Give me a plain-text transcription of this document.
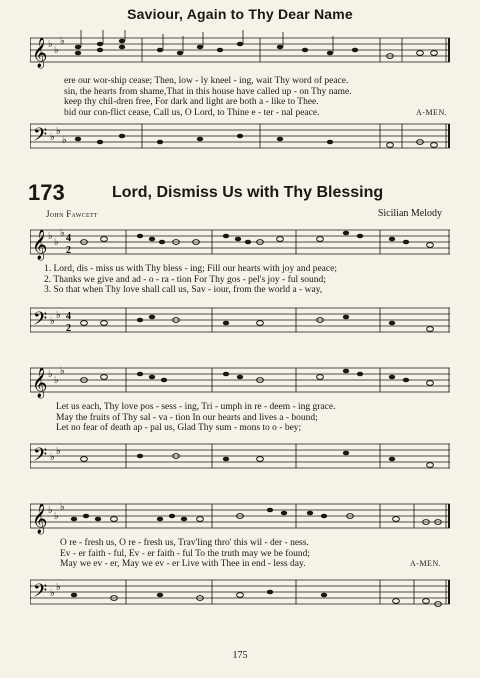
Saviour, Again to Thy Dear Name
𝄞 ♭
♭
♭
ere our wor-ship cease; Then, low - ly kneel - ing, wait Thy word of peace.
sin, the hearts from shame,That in this house have called up - on Thy name.
keep thy chil-dren free, For dark and light are both a - like to Thee.
bid our con-flict cease, Call us, O Lord, to Thine e - ter - nal peace.	A-MEN.
𝄢 ♭
♭
♭
173	Lord, Dismiss Us with Thy Blessing
John Fawcett	Sicilian Melody
𝄞 ♭
♭
♭ 4
2
1. Lord, dis - miss us with Thy bless - ing; Fill our hearts with joy and peace;
2. Thanks we give and ad - o - ra - tion For Thy gos - pel's joy - ful sound;
3. So that when Thy love shall call us, Sav - iour, from the world a - way,
𝄢 ♭
♭ 4
2
𝄞 ♭
♭
♭
Let us each, Thy love pos - sess - ing, Tri - umph in re - deem - ing grace.
May the fruits of Thy sal - va - tion In our hearts and lives a - bound;
Let no fear of death ap - pal us, Glad Thy sum - mons to o - bey;
𝄢 ♭
♭
𝄞 ♭
♭
♭
O re - fresh us, O re - fresh us, Trav'ling thro' this wil - der - ness.
Ev - er faith - ful, Ev - er faith - ful To the truth may we be found;
May we ev - er, May we ev - er Live with Thee in end - less day.	A-MEN.
𝄢 ♭
♭
175
